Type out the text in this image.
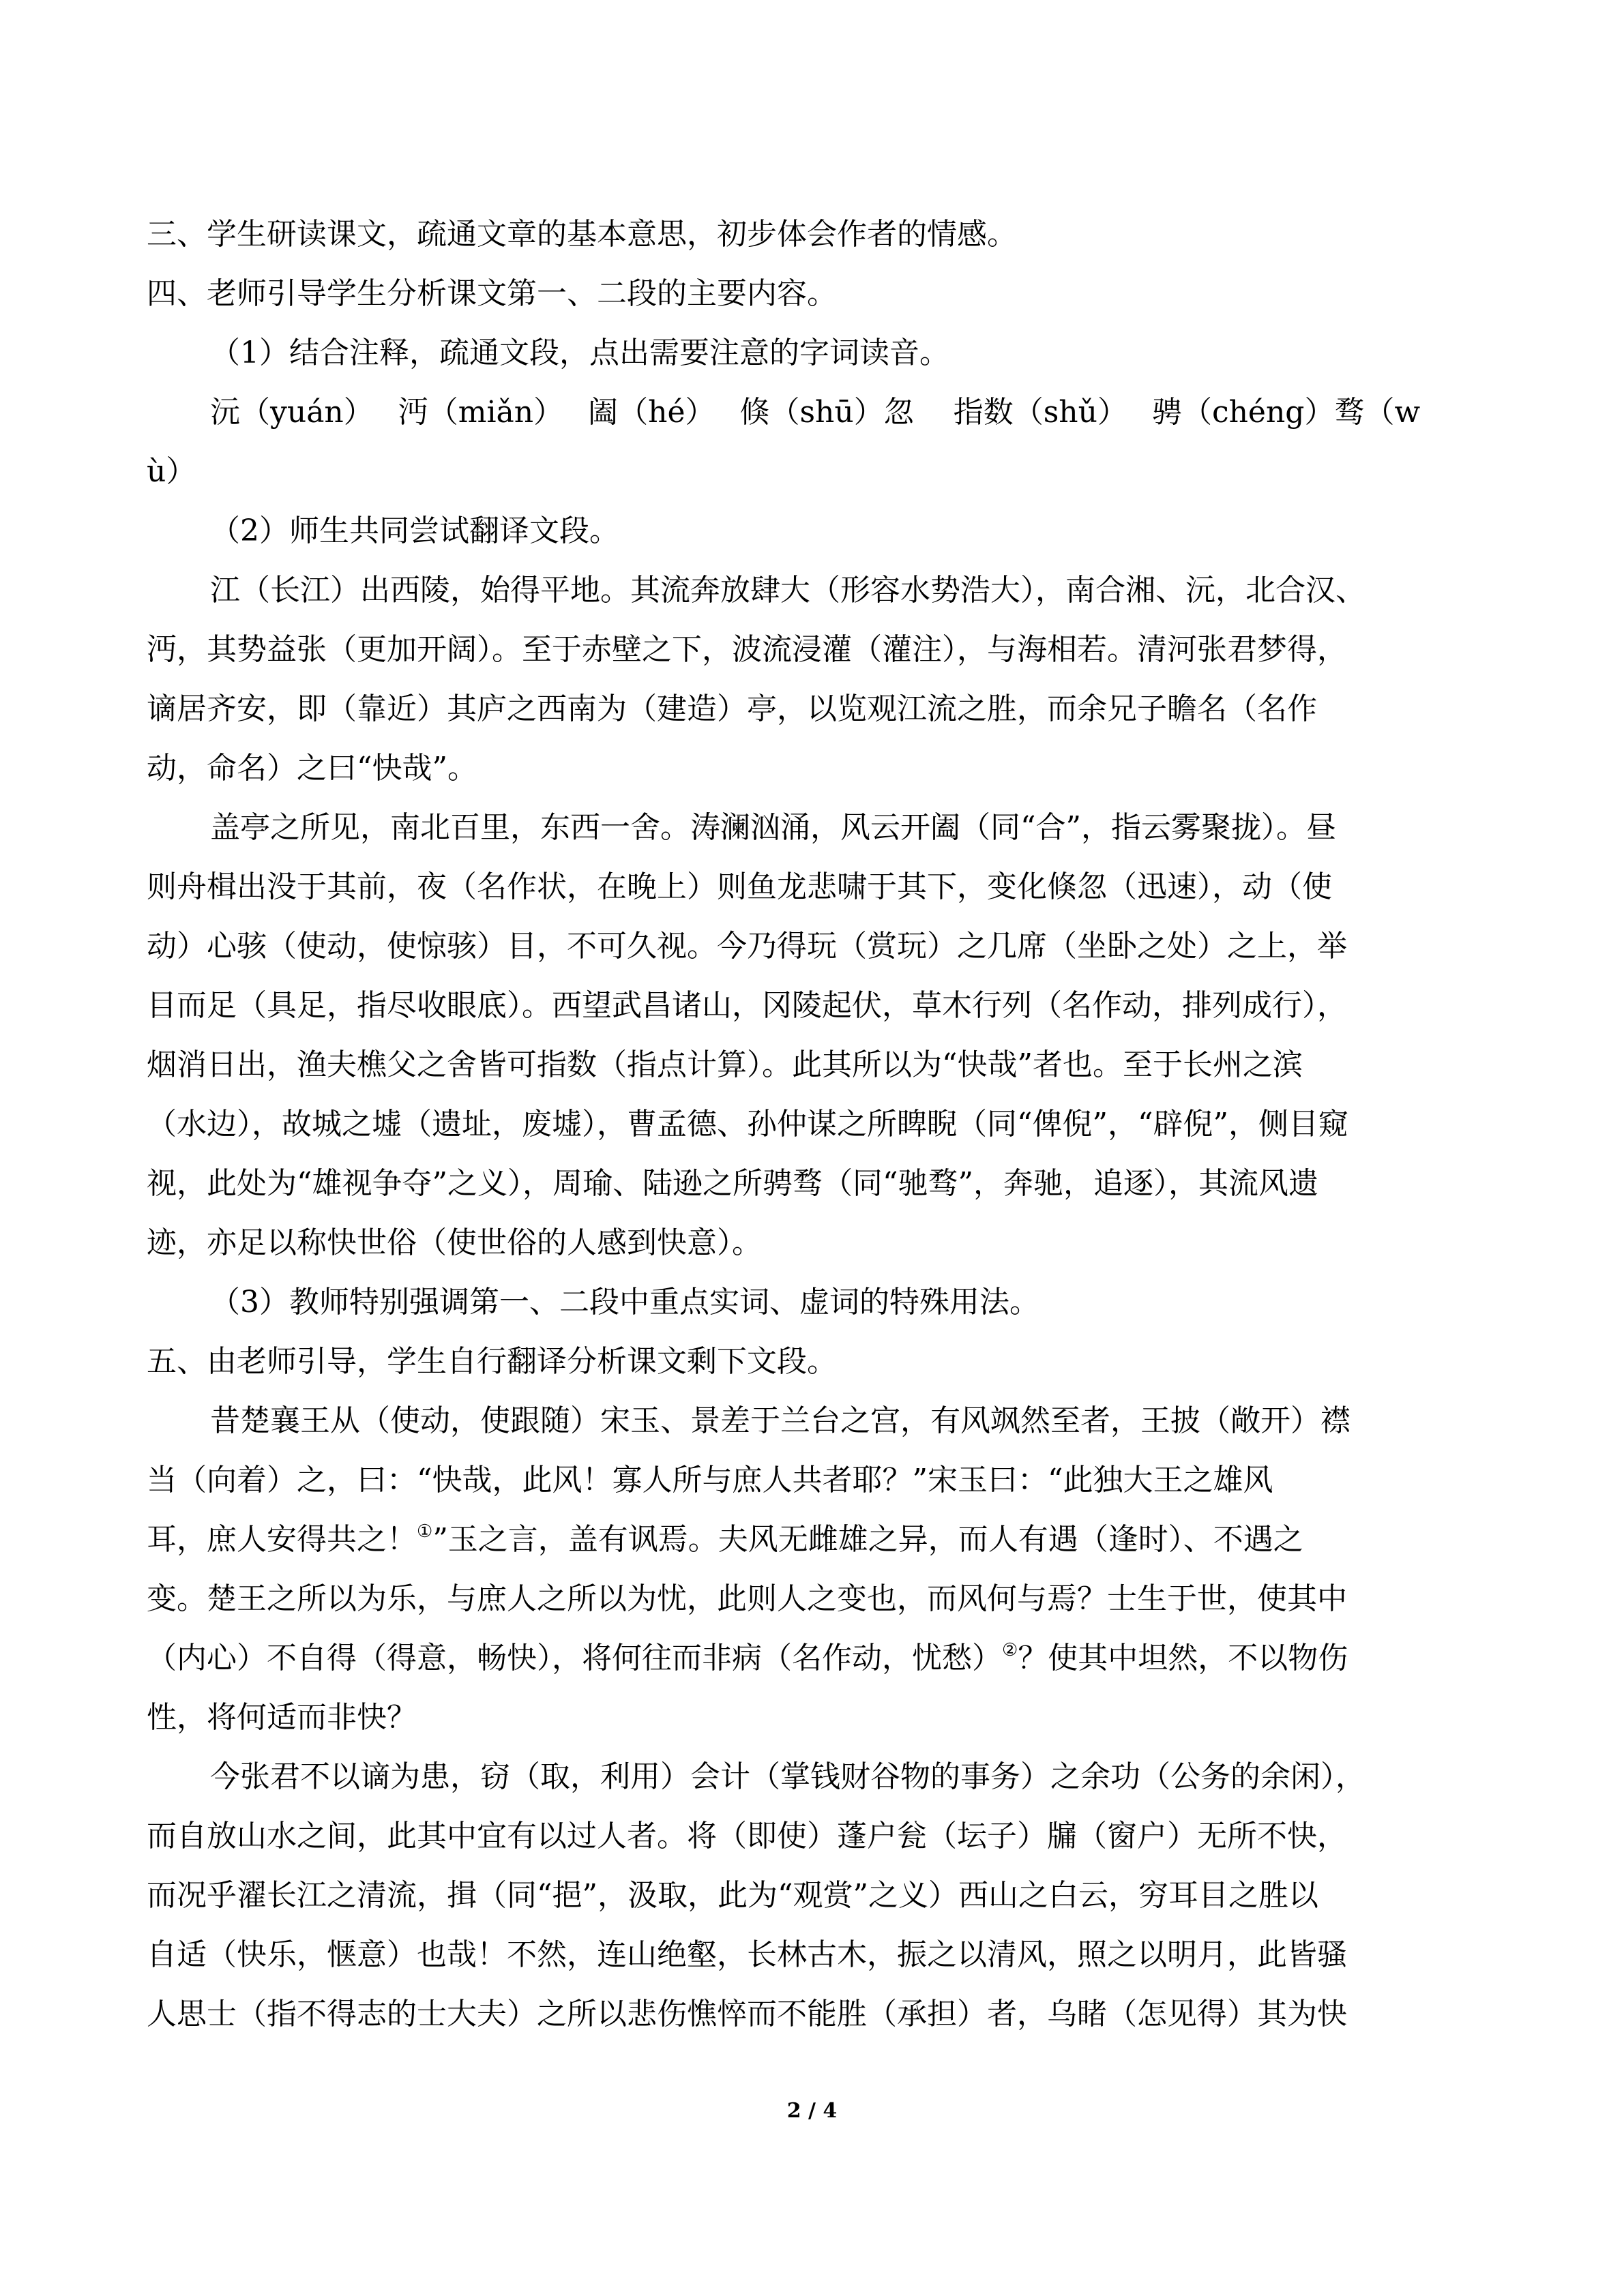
三、学生研读课文，疏通文章的基本意思，初步体会作者的情感。
四、老师引导学生分析课文第一、二段的主要内容。
（1）结合注释，疏通文段，点出需要注意的字词读音。
沅（yuán）　 沔（miǎn）　 阖（hé）　 倏（shū）忽　 指数（shǔ）　 骋（chéng）骛（w
ù）
（2）师生共同尝试翻译文段。
江（长江）出西陵，始得平地。其流奔放肆大（形容水势浩大），南合湘、沅，北合汉、
沔，其势益张（更加开阔）。至于赤壁之下，波流浸灌（灌注），与海相若。清河张君梦得，
谪居齐安，即（靠近）其庐之西南为（建造）亭，以览观江流之胜，而余兄子瞻名（名作
动，命名）之曰“快哉”。
盖亭之所见，南北百里，东西一舍。涛澜汹涌，风云开阖（同“合”，指云雾聚拢）。昼
则舟楫出没于其前，夜（名作状，在晚上）则鱼龙悲啸于其下，变化倏忽（迅速），动（使
动）心骇（使动，使惊骇）目，不可久视。今乃得玩（赏玩）之几席（坐卧之处）之上，举
目而足（具足，指尽收眼底）。西望武昌诸山，冈陵起伏，草木行列（名作动，排列成行），
烟消日出，渔夫樵父之舍皆可指数（指点计算）。此其所以为“快哉”者也。至于长州之滨
（水边），故城之墟（遗址，废墟），曹孟德、孙仲谋之所睥睨（同“俾倪”，“辟倪”，侧目窥
视，此处为“雄视争夺”之义），周瑜、陆逊之所骋骛（同“驰骛”，奔驰，追逐），其流风遗
迹，亦足以称快世俗（使世俗的人感到快意）。
（3）教师特别强调第一、二段中重点实词、虚词的特殊用法。
五、由老师引导，学生自行翻译分析课文剩下文段。
昔楚襄王从（使动，使跟随）宋玉、景差于兰台之宫，有风飒然至者，王披（敞开）襟
当（向着）之，曰：“快哉，此风！寡人所与庶人共者耶？”宋玉曰：“此独大王之雄风
耳，庶人安得共之！①”玉之言，盖有讽焉。夫风无雌雄之异，而人有遇（逢时）、不遇之
变。楚王之所以为乐，与庶人之所以为忧，此则人之变也，而风何与焉？士生于世，使其中
（内心）不自得（得意，畅快），将何往而非病（名作动，忧愁）②？使其中坦然，不以物伤
性，将何适而非快？
今张君不以谪为患，窃（取，利用）会计（掌钱财谷物的事务）之余功（公务的余闲），
而自放山水之间，此其中宜有以过人者。将（即使）蓬户瓮（坛子）牖（窗户）无所不快，
而况乎濯长江之清流，揖（同“挹”，汲取，此为“观赏”之义）西山之白云，穷耳目之胜以
自适（快乐，惬意）也哉！不然，连山绝壑，长林古木，振之以清风，照之以明月，此皆骚
人思士（指不得志的士大夫）之所以悲伤憔悴而不能胜（承担）者，乌睹（怎见得）其为快
2 / 4
